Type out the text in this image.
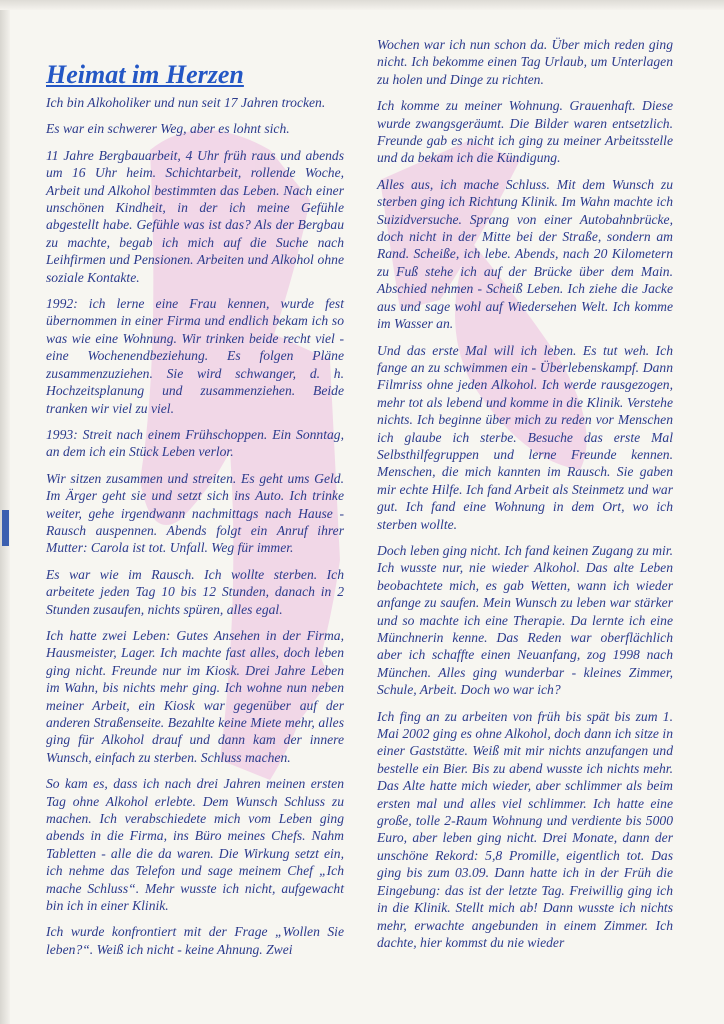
Heimat im Herzen

Ich bin Alkoholiker und nun seit 17 Jahren trocken.

Es war ein schwerer Weg, aber es lohnt sich.

11 Jahre Bergbauarbeit, 4 Uhr früh raus und abends um 16 Uhr heim. Schichtarbeit, rollende Woche, Arbeit und Alkohol bestimmten das Leben. Nach einer unschönen Kindheit, in der ich meine Gefühle abgestellt habe. Gefühle was ist das? Als der Bergbau zu machte, begab ich mich auf die Suche nach Leihfirmen und Pensionen. Arbeiten und Alkohol ohne soziale Kontakte.

1992: ich lerne eine Frau kennen, wurde fest übernommen in einer Firma und endlich bekam ich so was wie eine Wohnung. Wir trinken beide recht viel - eine Wochenendbeziehung. Es folgen Pläne zusammenzuziehen. Sie wird schwanger, d. h. Hochzeitsplanung und zusammenziehen. Beide tranken wir viel zu viel.

1993: Streit nach einem Frühschoppen. Ein Sonntag, an dem ich ein Stück Leben verlor.

Wir sitzen zusammen und streiten. Es geht ums Geld. Im Ärger geht sie und setzt sich ins Auto. Ich trinke weiter, gehe irgendwann nachmittags nach Hause - Rausch auspennen. Abends folgt ein Anruf ihrer Mutter: Carola ist tot. Unfall. Weg für immer.

Es war wie im Rausch. Ich wollte sterben. Ich arbeitete jeden Tag 10 bis 12 Stunden, danach in 2 Stunden zusaufen, nichts spüren, alles egal.

Ich hatte zwei Leben: Gutes Ansehen in der Firma, Hausmeister, Lager. Ich machte fast alles, doch leben ging nicht. Freunde nur im Kiosk. Drei Jahre Leben im Wahn, bis nichts mehr ging. Ich wohne nun neben meiner Arbeit, ein Kiosk war gegenüber auf der anderen Straßenseite. Bezahlte keine Miete mehr, alles ging für Alkohol drauf und dann kam der innere Wunsch, einfach zu sterben. Schluss machen.

So kam es, dass ich nach drei Jahren meinen ersten Tag ohne Alkohol erlebte. Dem Wunsch Schluss zu machen. Ich verabschiedete mich vom Leben ging abends in die Firma, ins Büro meines Chefs. Nahm Tabletten - alle die da waren. Die Wirkung setzt ein, ich nehme das Telefon und sage meinem Chef „Ich mache Schluss“. Mehr wusste ich nicht, aufgewacht bin ich in einer Klinik.

Ich wurde konfrontiert mit der Frage „Wollen Sie leben?“. Weiß ich nicht - keine Ahnung. Zwei

Wochen war ich nun schon da. Über mich reden ging nicht. Ich bekomme einen Tag Urlaub, um Unterlagen zu holen und Dinge zu richten.

Ich komme zu meiner Wohnung. Grauenhaft. Diese wurde zwangsgeräumt. Die Bilder waren entsetzlich. Freunde gab es nicht ich ging zu meiner Arbeitsstelle und da bekam ich die Kündigung.

Alles aus, ich mache Schluss. Mit dem Wunsch zu sterben ging ich Richtung Klinik. Im Wahn machte ich Suizidversuche. Sprang von einer Autobahnbrücke, doch nicht in der Mitte bei der Straße, sondern am Rand. Scheiße, ich lebe. Abends, nach 20 Kilometern zu Fuß stehe ich auf der Brücke über dem Main. Abschied nehmen - Scheiß Leben. Ich ziehe die Jacke aus und sage wohl auf Wiedersehen Welt. Ich komme im Wasser an.

Und das erste Mal will ich leben. Es tut weh. Ich fange an zu schwimmen ein - Überlebenskampf. Dann Filmriss ohne jeden Alkohol. Ich werde rausgezogen, mehr tot als lebend und komme in die Klinik. Verstehe nichts. Ich beginne über mich zu reden vor Menschen ich glaube ich sterbe. Besuche das erste Mal Selbsthilfegruppen und lerne Freunde kennen. Menschen, die mich kannten im Rausch. Sie gaben mir echte Hilfe. Ich fand Arbeit als Steinmetz und war gut. Ich fand eine Wohnung in dem Ort, wo ich sterben wollte.

Doch leben ging nicht. Ich fand keinen Zugang zu mir. Ich wusste nur, nie wieder Alkohol. Das alte Leben beobachtete mich, es gab Wetten, wann ich wieder anfange zu saufen. Mein Wunsch zu leben war stärker und so machte ich eine Therapie. Da lernte ich eine Münchnerin kenne. Das Reden war oberflächlich aber ich schaffte einen Neuanfang, zog 1998 nach München. Alles ging wunderbar - kleines Zimmer, Schule, Arbeit. Doch wo war ich?

Ich fing an zu arbeiten von früh bis spät bis zum 1. Mai 2002 ging es ohne Alkohol, doch dann ich sitze in einer Gaststätte. Weiß mit mir nichts anzufangen und bestelle ein Bier. Bis zu abend wusste ich nichts mehr. Das Alte hatte mich wieder, aber schlimmer als beim ersten mal und alles viel schlimmer. Ich hatte eine große, tolle 2-Raum Wohnung und verdiente bis 5000 Euro, aber leben ging nicht. Drei Monate, dann der unschöne Rekord: 5,8 Promille, eigentlich tot. Das ging bis zum 03.09. Dann hatte ich in der Früh die Eingebung: das ist der letzte Tag. Freiwillig ging ich in die Klinik. Stellt mich ab! Dann wusste ich nichts mehr, erwachte angebunden in einem Zimmer. Ich dachte, hier kommst du nie wieder
